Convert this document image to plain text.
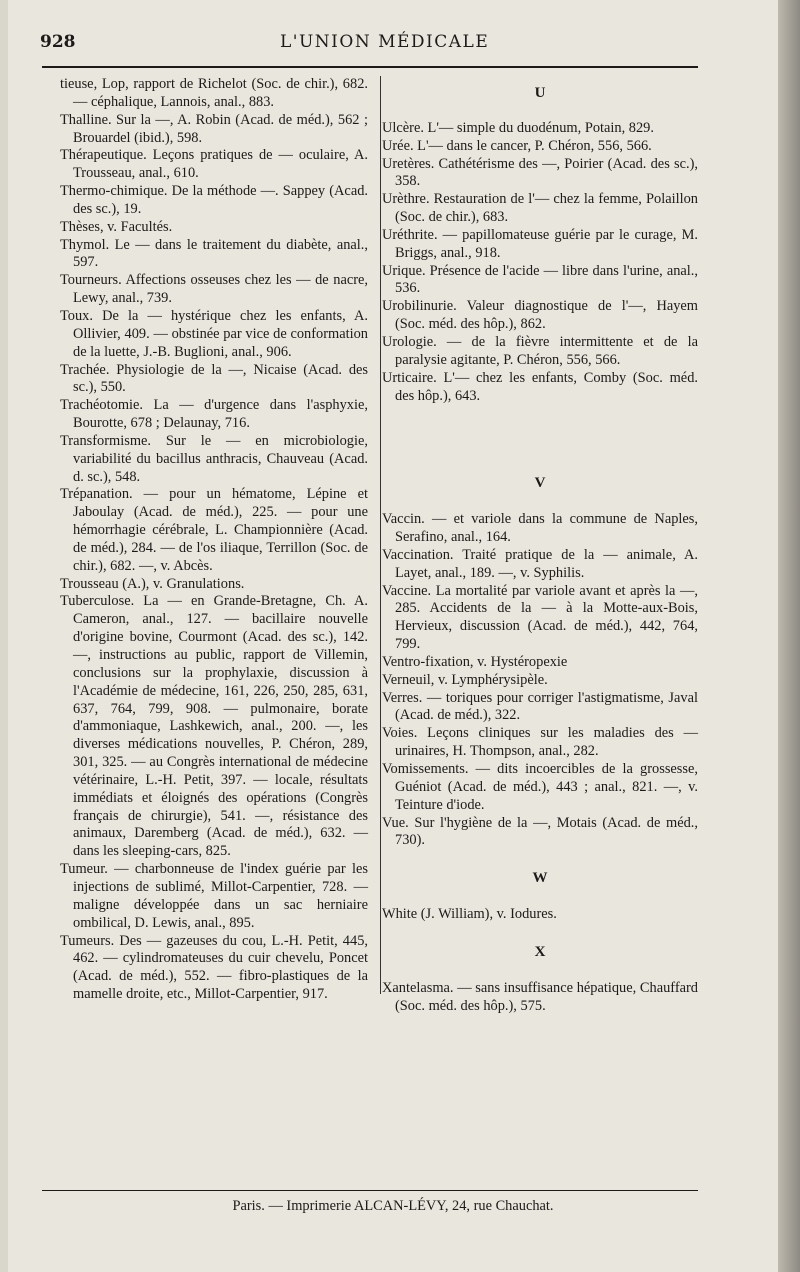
928	L'UNION MÉDICALE
tieuse, Lop, rapport de Richelot (Soc. de chir.), 682. — céphalique, Lannois, anal., 883.
Thalline. Sur la —, A. Robin (Acad. de méd.), 562 ; Brouardel (ibid.), 598.
Thérapeutique. Leçons pratiques de — oculaire, A. Trousseau, anal., 610.
Thermo-chimique. De la méthode —. Sappey (Acad. des sc.), 19.
Thèses, v. Facultés.
Thymol. Le — dans le traitement du diabète, anal., 597.
Tourneurs. Affections osseuses chez les — de nacre, Lewy, anal., 739.
Toux. De la — hystérique chez les enfants, A. Ollivier, 409. — obstinée par vice de conformation de la luette, J.-B. Buglioni, anal., 906.
Trachée. Physiologie de la —, Nicaise (Acad. des sc.), 550.
Trachéotomie. La — d'urgence dans l'asphyxie, Bourotte, 678 ; Delaunay, 716.
Transformisme. Sur le — en microbiologie, variabilité du bacillus anthracis, Chauveau (Acad. d. sc.), 548.
Trépanation. — pour un hématome, Lépine et Jaboulay (Acad. de méd.), 225. — pour une hémorrhagie cérébrale, L. Championnière (Acad. de méd.), 284. — de l'os iliaque, Terrillon (Soc. de chir.), 682. —, v. Abcès.
Trousseau (A.), v. Granulations.
Tuberculose. La — en Grande-Bretagne, Ch. A. Cameron, anal., 127. — bacillaire nouvelle d'origine bovine, Courmont (Acad. des sc.), 142. —, instructions au public, rapport de Villemin, conclusions sur la prophylaxie, discussion à l'Académie de médecine, 161, 226, 250, 285, 631, 637, 764, 799, 908. — pulmonaire, borate d'ammoniaque, Lashkewich, anal., 200. —, les diverses médications nouvelles, P. Chéron, 289, 301, 325. — au Congrès international de médecine vétérinaire, L.-H. Petit, 397. — locale, résultats immédiats et éloignés des opérations (Congrès français de chirurgie), 541. —, résistance des animaux, Daremberg (Acad. de méd.), 632. — dans les sleeping-cars, 825.
Tumeur. — charbonneuse de l'index guérie par les injections de sublimé, Millot-Carpentier, 728. — maligne développée dans un sac herniaire ombilical, D. Lewis, anal., 895.
Tumeurs. Des — gazeuses du cou, L.-H. Petit, 445, 462. — cylindromateuses du cuir chevelu, Poncet (Acad. de méd.), 552. — fibro-plastiques de la mamelle droite, etc., Millot-Carpentier, 917.
U
Ulcère. L'— simple du duodénum, Potain, 829.
Urée. L'— dans le cancer, P. Chéron, 556, 566.
Uretères. Cathétérisme des —, Poirier (Acad. des sc.), 358.
Urèthre. Restauration de l'— chez la femme, Polaillon (Soc. de chir.), 683.
Uréthrite. — papillomateuse guérie par le curage, M. Briggs, anal., 918.
Urique. Présence de l'acide — libre dans l'urine, anal., 536.
Urobilinurie. Valeur diagnostique de l'—, Hayem (Soc. méd. des hôp.), 862.
Urologie. — de la fièvre intermittente et de la paralysie agitante, P. Chéron, 556, 566.
Urticaire. L'— chez les enfants, Comby (Soc. méd. des hôp.), 643.
V
Vaccin. — et variole dans la commune de Naples, Serafino, anal., 164.
Vaccination. Traité pratique de la — animale, A. Layet, anal., 189. —, v. Syphilis.
Vaccine. La mortalité par variole avant et après la —, 285. Accidents de la — à la Motte-aux-Bois, Hervieux, discussion (Acad. de méd.), 442, 764, 799.
Ventro-fixation, v. Hystéropexie
Verneuil, v. Lymphérysipèle.
Verres. — toriques pour corriger l'astigmatisme, Javal (Acad. de méd.), 322.
Voies. Leçons cliniques sur les maladies des — urinaires, H. Thompson, anal., 282.
Vomissements. — dits incoercibles de la grossesse, Guéniot (Acad. de méd.), 443 ; anal., 821. —, v. Teinture d'iode.
Vue. Sur l'hygiène de la —, Motais (Acad. de méd., 730).
W
White (J. William), v. Iodures.
X
Xantelasma. — sans insuffisance hépatique, Chauffard (Soc. méd. des hôp.), 575.
Paris. — Imprimerie ALCAN-LÉVY, 24, rue Chauchat.
